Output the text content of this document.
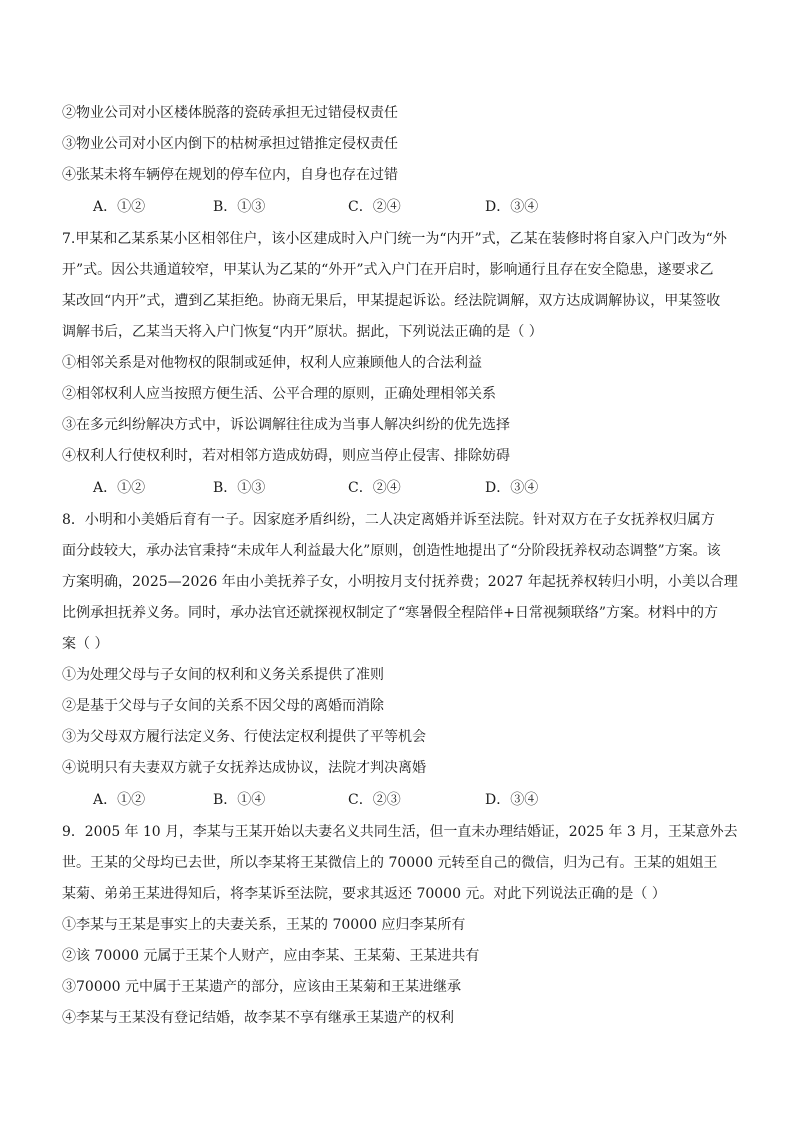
②物业公司对小区楼体脱落的瓷砖承担无过错侵权责任
③物业公司对小区内倒下的枯树承担过错推定侵权责任
④张某未将车辆停在规划的停车位内，自身也存在过错
A．①②	B．①③	C．②④	D．③④
7.甲某和乙某系某小区相邻住户，该小区建成时入户门统一为“内开”式，乙某在装修时将自家入户门改为“外
开”式。因公共通道较窄，甲某认为乙某的“外开”式入户门在开启时，影响通行且存在安全隐患，遂要求乙
某改回“内开”式，遭到乙某拒绝。协商无果后，甲某提起诉讼。经法院调解，双方达成调解协议，甲某签收
调解书后，乙某当天将入户门恢复“内开”原状。据此，下列说法正确的是（ ）
①相邻关系是对他物权的限制或延伸，权利人应兼顾他人的合法利益
②相邻权利人应当按照方便生活、公平合理的原则，正确处理相邻关系
③在多元纠纷解决方式中，诉讼调解往往成为当事人解决纠纷的优先选择
④权利人行使权利时，若对相邻方造成妨碍，则应当停止侵害、排除妨碍
A．①②	B．①③	C．②④	D．③④
8．小明和小美婚后育有一子。因家庭矛盾纠纷，二人决定离婚并诉至法院。针对双方在子女抚养权归属方
面分歧较大，承办法官秉持“未成年人利益最大化”原则，创造性地提出了“分阶段抚养权动态调整”方案。该
方案明确，2025—2026 年由小美抚养子女，小明按月支付抚养费；2027 年起抚养权转归小明，小美以合理
比例承担抚养义务。同时，承办法官还就探视权制定了“寒暑假全程陪伴+日常视频联络”方案。材料中的方
案（ ）
①为处理父母与子女间的权利和义务关系提供了准则
②是基于父母与子女间的关系不因父母的离婚而消除
③为父母双方履行法定义务、行使法定权利提供了平等机会
④说明只有夫妻双方就子女抚养达成协议，法院才判决离婚
A．①②	B．①④	C．②③	D．③④
9．2005 年 10 月，李某与王某开始以夫妻名义共同生活，但一直未办理结婚证，2025 年 3 月，王某意外去
世。王某的父母均已去世，所以李某将王某微信上的 70000 元转至自己的微信，归为己有。王某的姐姐王
某菊、弟弟王某进得知后，将李某诉至法院，要求其返还 70000 元。对此下列说法正确的是（ ）
①李某与王某是事实上的夫妻关系，王某的 70000 应归李某所有
②该 70000 元属于王某个人财产，应由李某、王某菊、王某进共有
③70000 元中属于王某遗产的部分，应该由王某菊和王某进继承
④李某与王某没有登记结婚，故李某不享有继承王某遗产的权利
